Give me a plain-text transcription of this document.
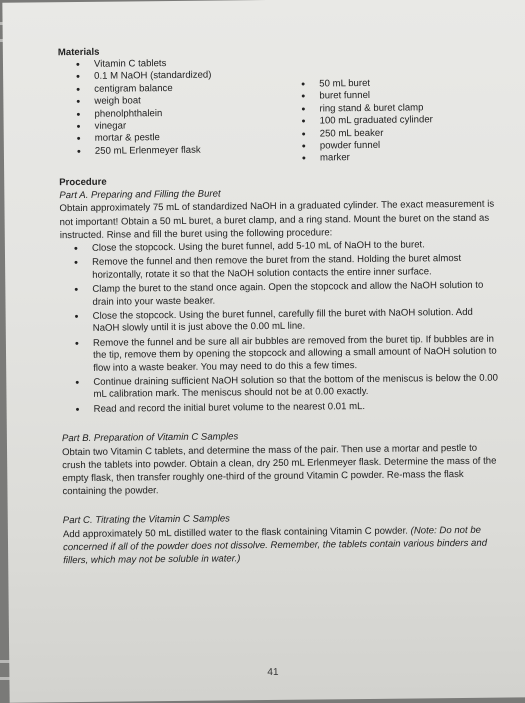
Materials

• Vitamin C tablets
• 0.1 M NaOH (standardized)
• centigram balance
• weigh boat
• phenolphthalein
• vinegar
• mortar & pestle
• 250 mL Erlenmeyer flask
• 50 mL buret
• buret funnel
• ring stand & buret clamp
• 100 mL graduated cylinder
• 250 mL beaker
• powder funnel
• marker

Procedure

Part A. Preparing and Filling the Buret

Obtain approximately 75 mL of standardized NaOH in a graduated cylinder. The exact measurement is not important! Obtain a 50 mL buret, a buret clamp, and a ring stand. Mount the buret on the stand as instructed. Rinse and fill the buret using the following procedure:

• Close the stopcock. Using the buret funnel, add 5-10 mL of NaOH to the buret.
• Remove the funnel and then remove the buret from the stand. Holding the buret almost horizontally, rotate it so that the NaOH solution contacts the entire inner surface.
• Clamp the buret to the stand once again. Open the stopcock and allow the NaOH solution to drain into your waste beaker.
• Close the stopcock. Using the buret funnel, carefully fill the buret with NaOH solution. Add NaOH slowly until it is just above the 0.00 mL line.
• Remove the funnel and be sure all air bubbles are removed from the buret tip. If bubbles are in the tip, remove them by opening the stopcock and allowing a small amount of NaOH solution to flow into a waste beaker. You may need to do this a few times.
• Continue draining sufficient NaOH solution so that the bottom of the meniscus is below the 0.00 mL calibration mark. The meniscus should not be at 0.00 exactly.
• Read and record the initial buret volume to the nearest 0.01 mL.

Part B. Preparation of Vitamin C Samples

Obtain two Vitamin C tablets, and determine the mass of the pair. Then use a mortar and pestle to crush the tablets into powder. Obtain a clean, dry 250 mL Erlenmeyer flask. Determine the mass of the empty flask, then transfer roughly one-third of the ground Vitamin C powder. Re-mass the flask containing the powder.

Part C. Titrating the Vitamin C Samples

Add approximately 50 mL distilled water to the flask containing Vitamin C powder. (Note: Do not be concerned if all of the powder does not dissolve. Remember, the tablets contain various binders and fillers, which may not be soluble in water.)

41
